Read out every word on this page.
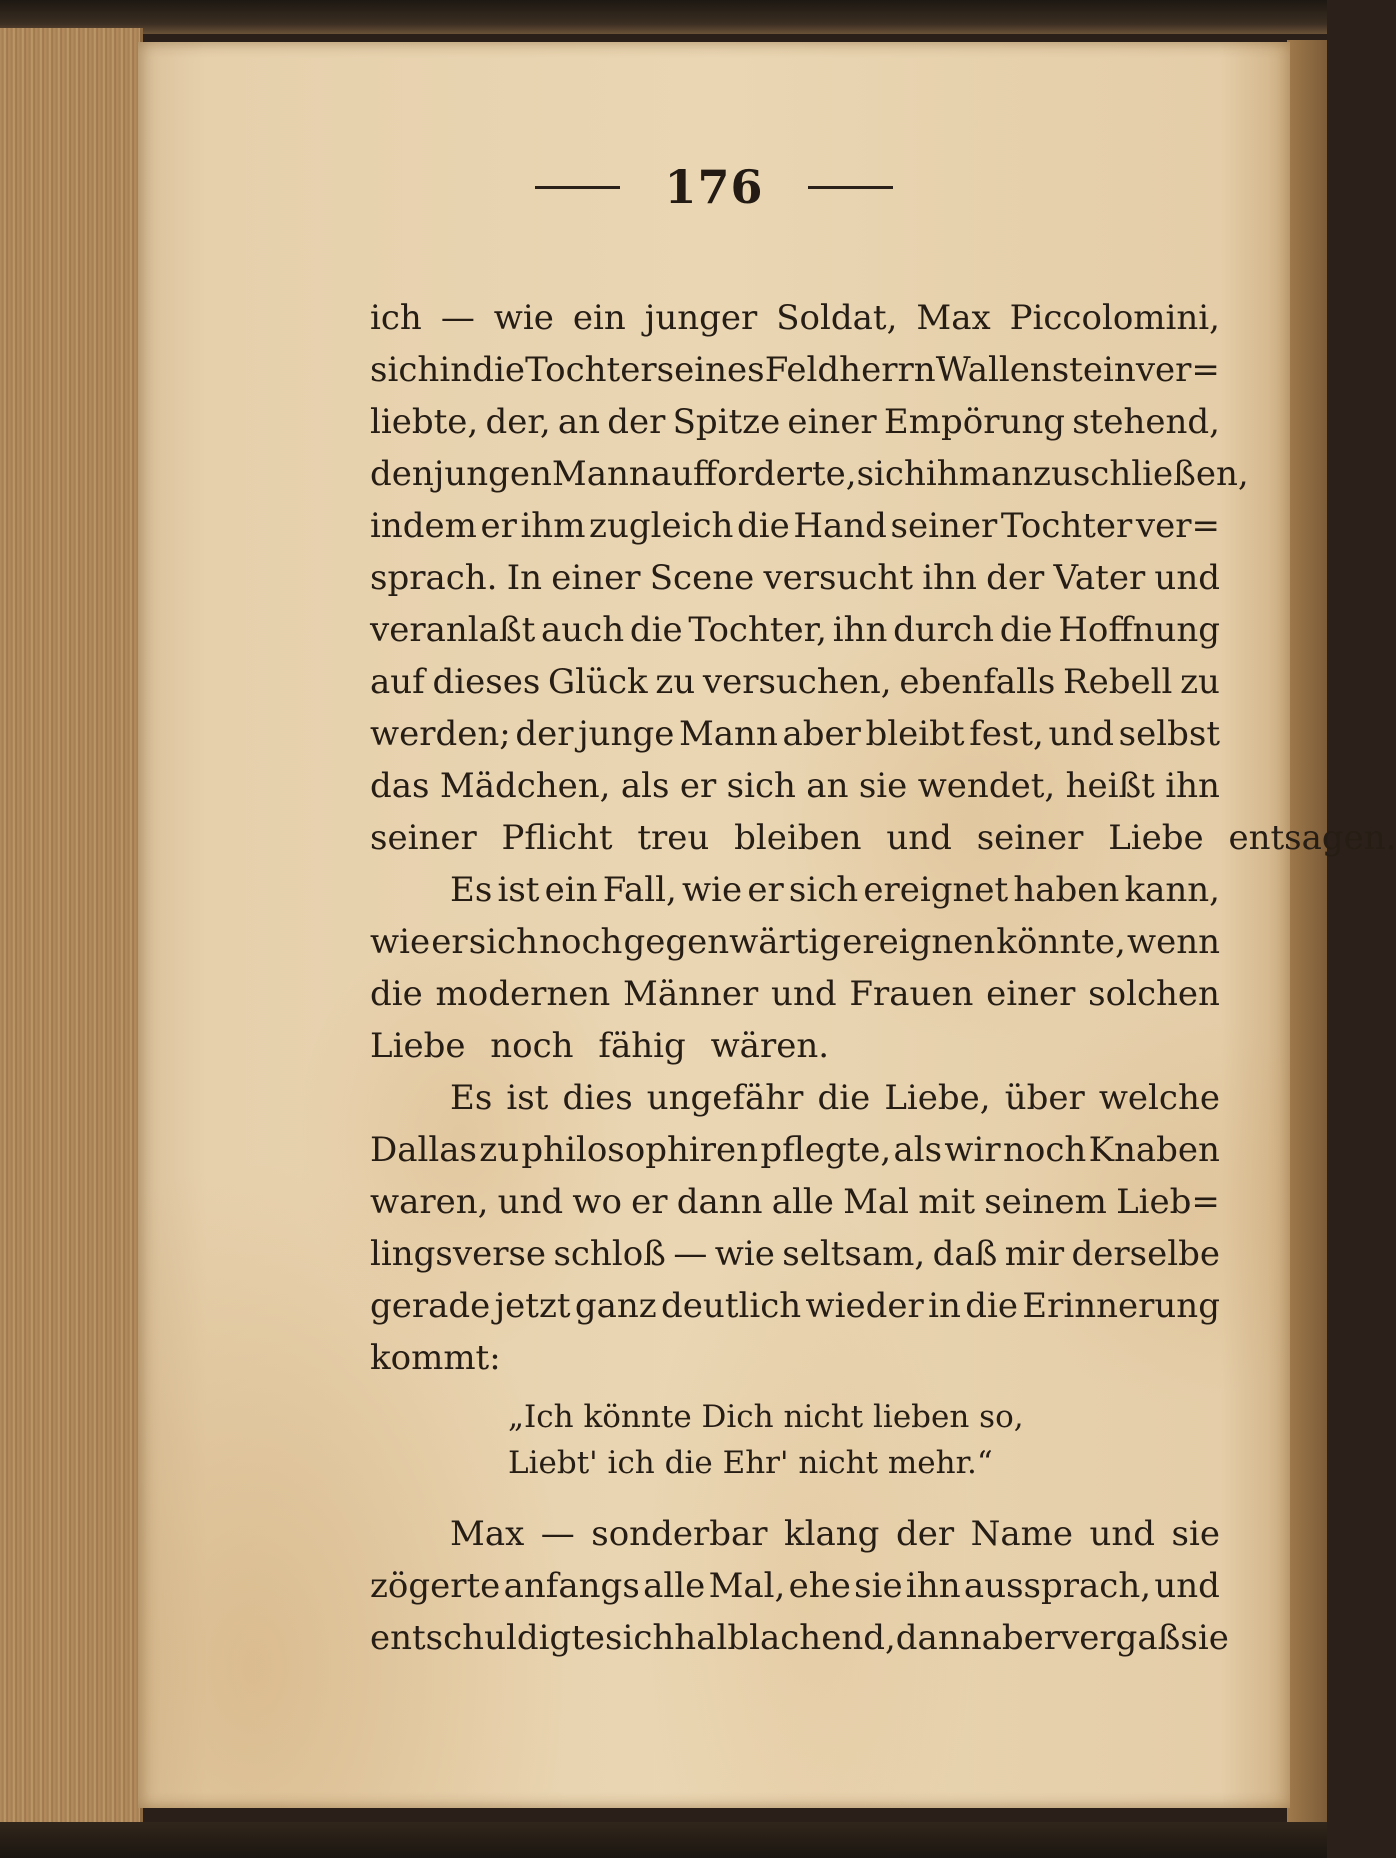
176
ich — wie ein junger Soldat, Max Piccolomini,
sich in die Tochter seines Feldherrn Wallenstein ver=
liebte, der, an der Spitze einer Empörung stehend,
den jungen Mann aufforderte, sich ihm anzuschließen,
indem er ihm zugleich die Hand seiner Tochter ver=
sprach. In einer Scene versucht ihn der Vater und
veranlaßt auch die Tochter, ihn durch die Hoffnung
auf dieses Glück zu versuchen, ebenfalls Rebell zu
werden; der junge Mann aber bleibt fest, und selbst
das Mädchen, als er sich an sie wendet, heißt ihn
seiner Pflicht treu bleiben und seiner Liebe entsagen.
Es ist ein Fall, wie er sich ereignet haben kann,
wie er sich noch gegenwärtig ereignen könnte, wenn
die modernen Männer und Frauen einer solchen
Liebe noch fähig wären.
Es ist dies ungefähr die Liebe, über welche
Dallas zu philosophiren pflegte, als wir noch Knaben
waren, und wo er dann alle Mal mit seinem Lieb=
lingsverse schloß — wie seltsam, daß mir derselbe
gerade jetzt ganz deutlich wieder in die Erinnerung
kommt:
„Ich könnte Dich nicht lieben so,
Liebt' ich die Ehr' nicht mehr.“
Max — sonderbar klang der Name und sie
zögerte anfangs alle Mal, ehe sie ihn aussprach, und
entschuldigte sich halb lachend, dann aber vergaß sie
